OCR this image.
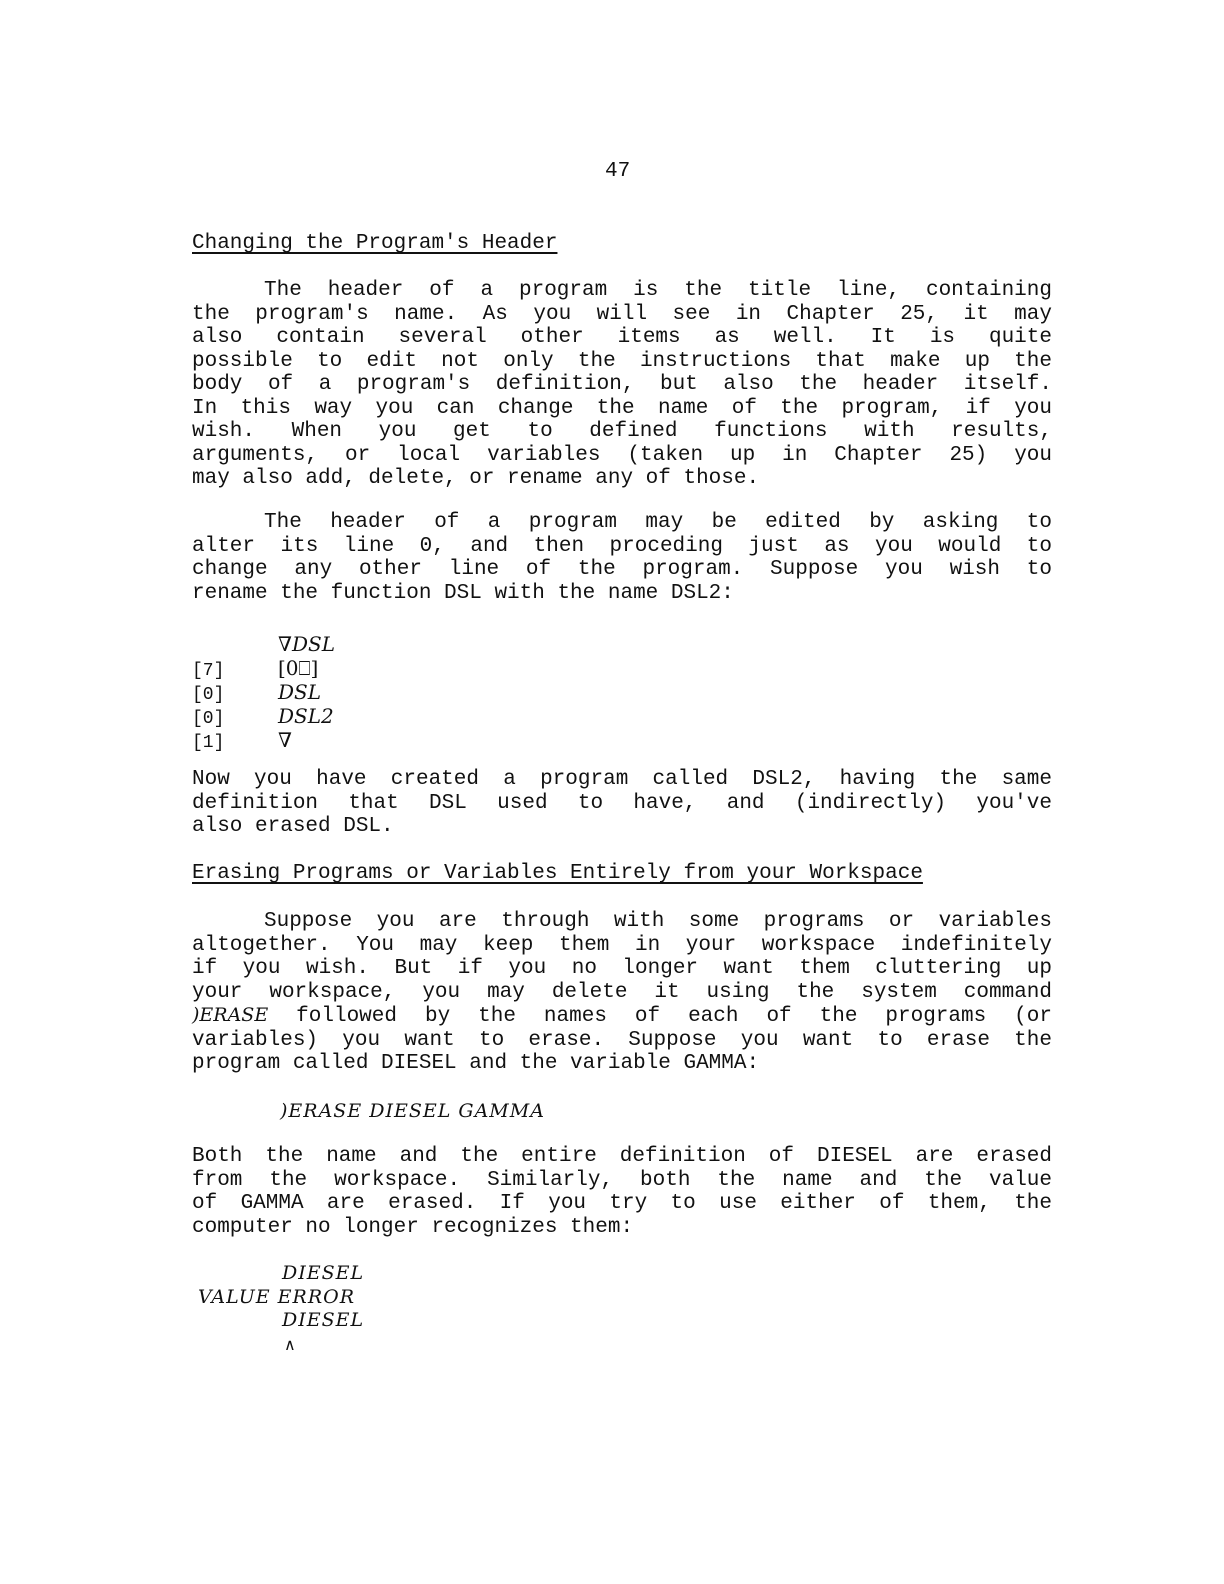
47
Changing the Program's Header
The header of a program is the title line, containing
the program's name. As you will see in Chapter 25, it may
also contain several other items as well. It is quite
possible to edit not only the instructions that make up the
body of a program's definition, but also the header itself.
In this way you can change the name of the program, if you
wish. When you get to defined functions with results,
arguments, or local variables (taken up in Chapter 25) you
may also add, delete, or rename any of those.
The header of a program may be edited by asking to
alter its line 0, and then proceding just as you would to
change any other line of the program. Suppose you wish to
rename the function DSL with the name DSL2:
∇DSL
[7]	[0⎕]
[0]	DSL
[0]	DSL2
[1]	∇
Now you have created a program called DSL2, having the same
definition that DSL used to have, and (indirectly) you've
also erased DSL.
Erasing Programs or Variables Entirely from your Workspace
Suppose you are through with some programs or variables
altogether. You may keep them in your workspace indefinitely
if you wish. But if you no longer want them cluttering up
your workspace, you may delete it using the system command
)ERASE followed by the names of each of the programs (or
variables) you want to erase. Suppose you want to erase the
program called DIESEL and the variable GAMMA:
)ERASE DIESEL GAMMA
Both the name and the entire definition of DIESEL are erased
from the workspace. Similarly, both the name and the value
of GAMMA are erased. If you try to use either of them, the
computer no longer recognizes them:
DIESEL
VALUE ERROR
DIESEL
∧
